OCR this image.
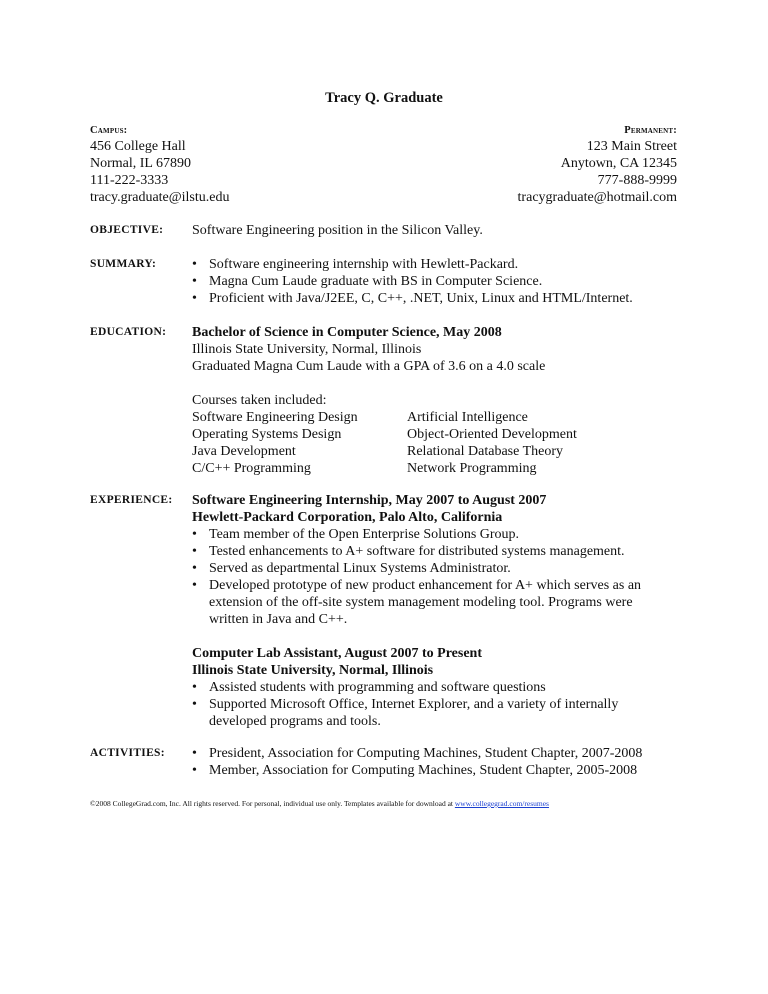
Tracy Q. Graduate
Campus:
456 College Hall
Normal, IL 67890
111-222-3333
tracy.graduate@ilstu.edu
Permanent:
123 Main Street
Anytown, CA 12345
777-888-9999
tracygraduate@hotmail.com
OBJECTIVE:	Software Engineering position in the Silicon Valley.
SUMMARY:	• Software engineering internship with Hewlett-Packard.
• Magna Cum Laude graduate with BS in Computer Science.
• Proficient with Java/J2EE, C, C++, .NET, Unix, Linux and HTML/Internet.
EDUCATION:	Bachelor of Science in Computer Science, May 2008
Illinois State University, Normal, Illinois
Graduated Magna Cum Laude with a GPA of 3.6 on a 4.0 scale
Courses taken included:
Software Engineering Design	Artificial Intelligence
Operating Systems Design	Object-Oriented Development
Java Development	Relational Database Theory
C/C++ Programming	Network Programming
EXPERIENCE:	Software Engineering Internship, May 2007 to August 2007
Hewlett-Packard Corporation, Palo Alto, California
• Team member of the Open Enterprise Solutions Group.
• Tested enhancements to A+ software for distributed systems management.
• Served as departmental Linux Systems Administrator.
• Developed prototype of new product enhancement for A+ which serves as an
extension of the off-site system management modeling tool. Programs were
written in Java and C++.
Computer Lab Assistant, August 2007 to Present
Illinois State University, Normal, Illinois
• Assisted students with programming and software questions
• Supported Microsoft Office, Internet Explorer, and a variety of internally
developed programs and tools.
ACTIVITIES:	• President, Association for Computing Machines, Student Chapter, 2007-2008
• Member, Association for Computing Machines, Student Chapter, 2005-2008
©2008 CollegeGrad.com, Inc. All rights reserved. For personal, individual use only. Templates available for download at www.collegegrad.com/resumes
